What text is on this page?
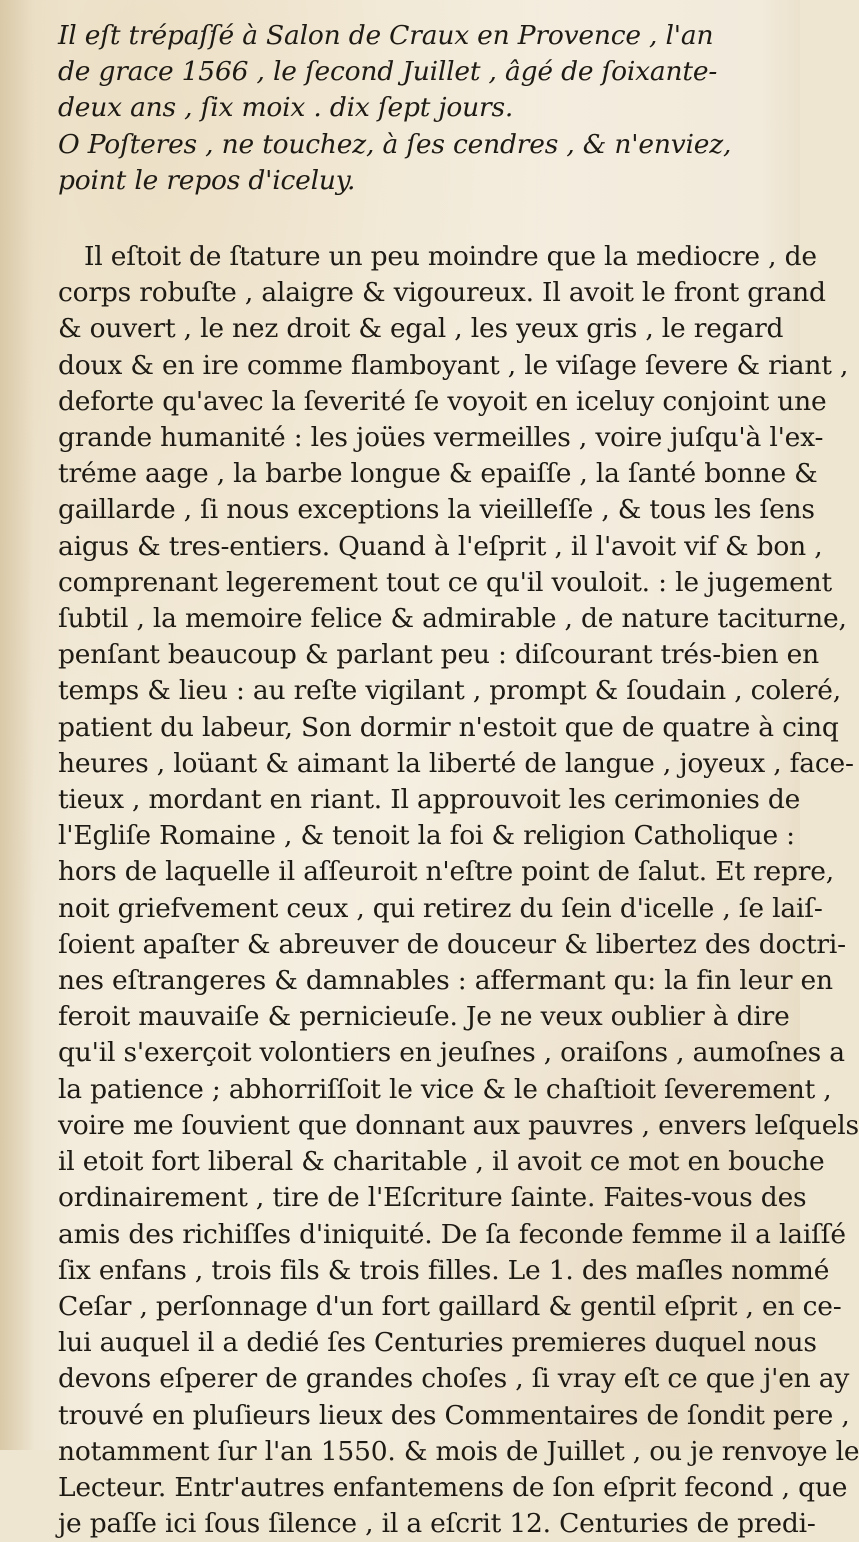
Il eſt trépaſſé à Salon de Craux en Provence , l'an
de grace 1566 , le ſecond Juillet , âgé de ſoixante-
deux ans , ſix moix . dix ſept jours.
O Poſteres , ne touchez, à ſes cendres , & n'enviez,
point le repos d'iceluy.
Il eſtoit de ſtature un peu moindre que la mediocre , de
corps robuſte , alaigre & vigoureux. Il avoit le front grand
& ouvert , le nez droit & egal , les yeux gris , le regard
doux & en ire comme flamboyant , le viſage ſevere & riant ,
deforte qu'avec la ſeverité ſe voyoit en iceluy conjoint une
grande humanité : les joües vermeilles , voire juſqu'à l'ex-
tréme aage , la barbe longue & epaiſſe , la ſanté bonne &
gaillarde , ſi nous exceptions la vieilleſſe , & tous les ſens
aigus & tres-entiers. Quand à l'eſprit , il l'avoit vif & bon ,
comprenant legerement tout ce qu'il vouloit. : le jugement
ſubtil , la memoire felice & admirable , de nature taciturne,
penſant beaucoup & parlant peu : diſcourant trés-bien en
temps & lieu : au reſte vigilant , prompt & ſoudain , coleré,
patient du labeur, Son dormir n'estoit que de quatre à cinq
heures , loüant & aimant la liberté de langue , joyeux , face-
tieux , mordant en riant. Il approuvoit les cerimonies de
l'Egliſe Romaine , & tenoit la foi & religion Catholique :
hors de laquelle il aſſeuroit n'eſtre point de ſalut. Et repre,
noit griefvement ceux , qui retirez du ſein d'icelle , ſe laiſ-
ſoient apaſter & abreuver de douceur & libertez des doctri-
nes eſtrangeres & damnables : affermant qu: la fin leur en
feroit mauvaiſe & pernicieuſe. Je ne veux oublier à dire
qu'il s'exerçoit volontiers en jeuſnes , oraiſons , aumoſnes a
la patience ; abhorriſſoit le vice & le chaſtioit ſeverement ,
voire me ſouvient que donnant aux pauvres , envers leſquels
il etoit fort liberal & charitable , il avoit ce mot en bouche
ordinairement , tire de l'Eſcriture ſainte. Faites-vous des
amis des richiſſes d'iniquité. De ſa feconde femme il a laiſſé
ſix enfans , trois fils & trois filles. Le 1. des maſles nommé
Ceſar , perſonnage d'un fort gaillard & gentil eſprit , en ce-
lui auquel il a dedié ſes Centuries premieres duquel nous
devons eſperer de grandes choſes , ſi vray eſt ce que j'en ay
trouvé en pluſieurs lieux des Commentaires de ſondit pere ,
notamment ſur l'an 1550. & mois de Juillet , ou je renvoye le
Lecteur. Entr'autres enfantemens de ſon eſprit fecond , que
je paſſe ici ſous ſilence , il a eſcrit 12. Centuries de predi-
